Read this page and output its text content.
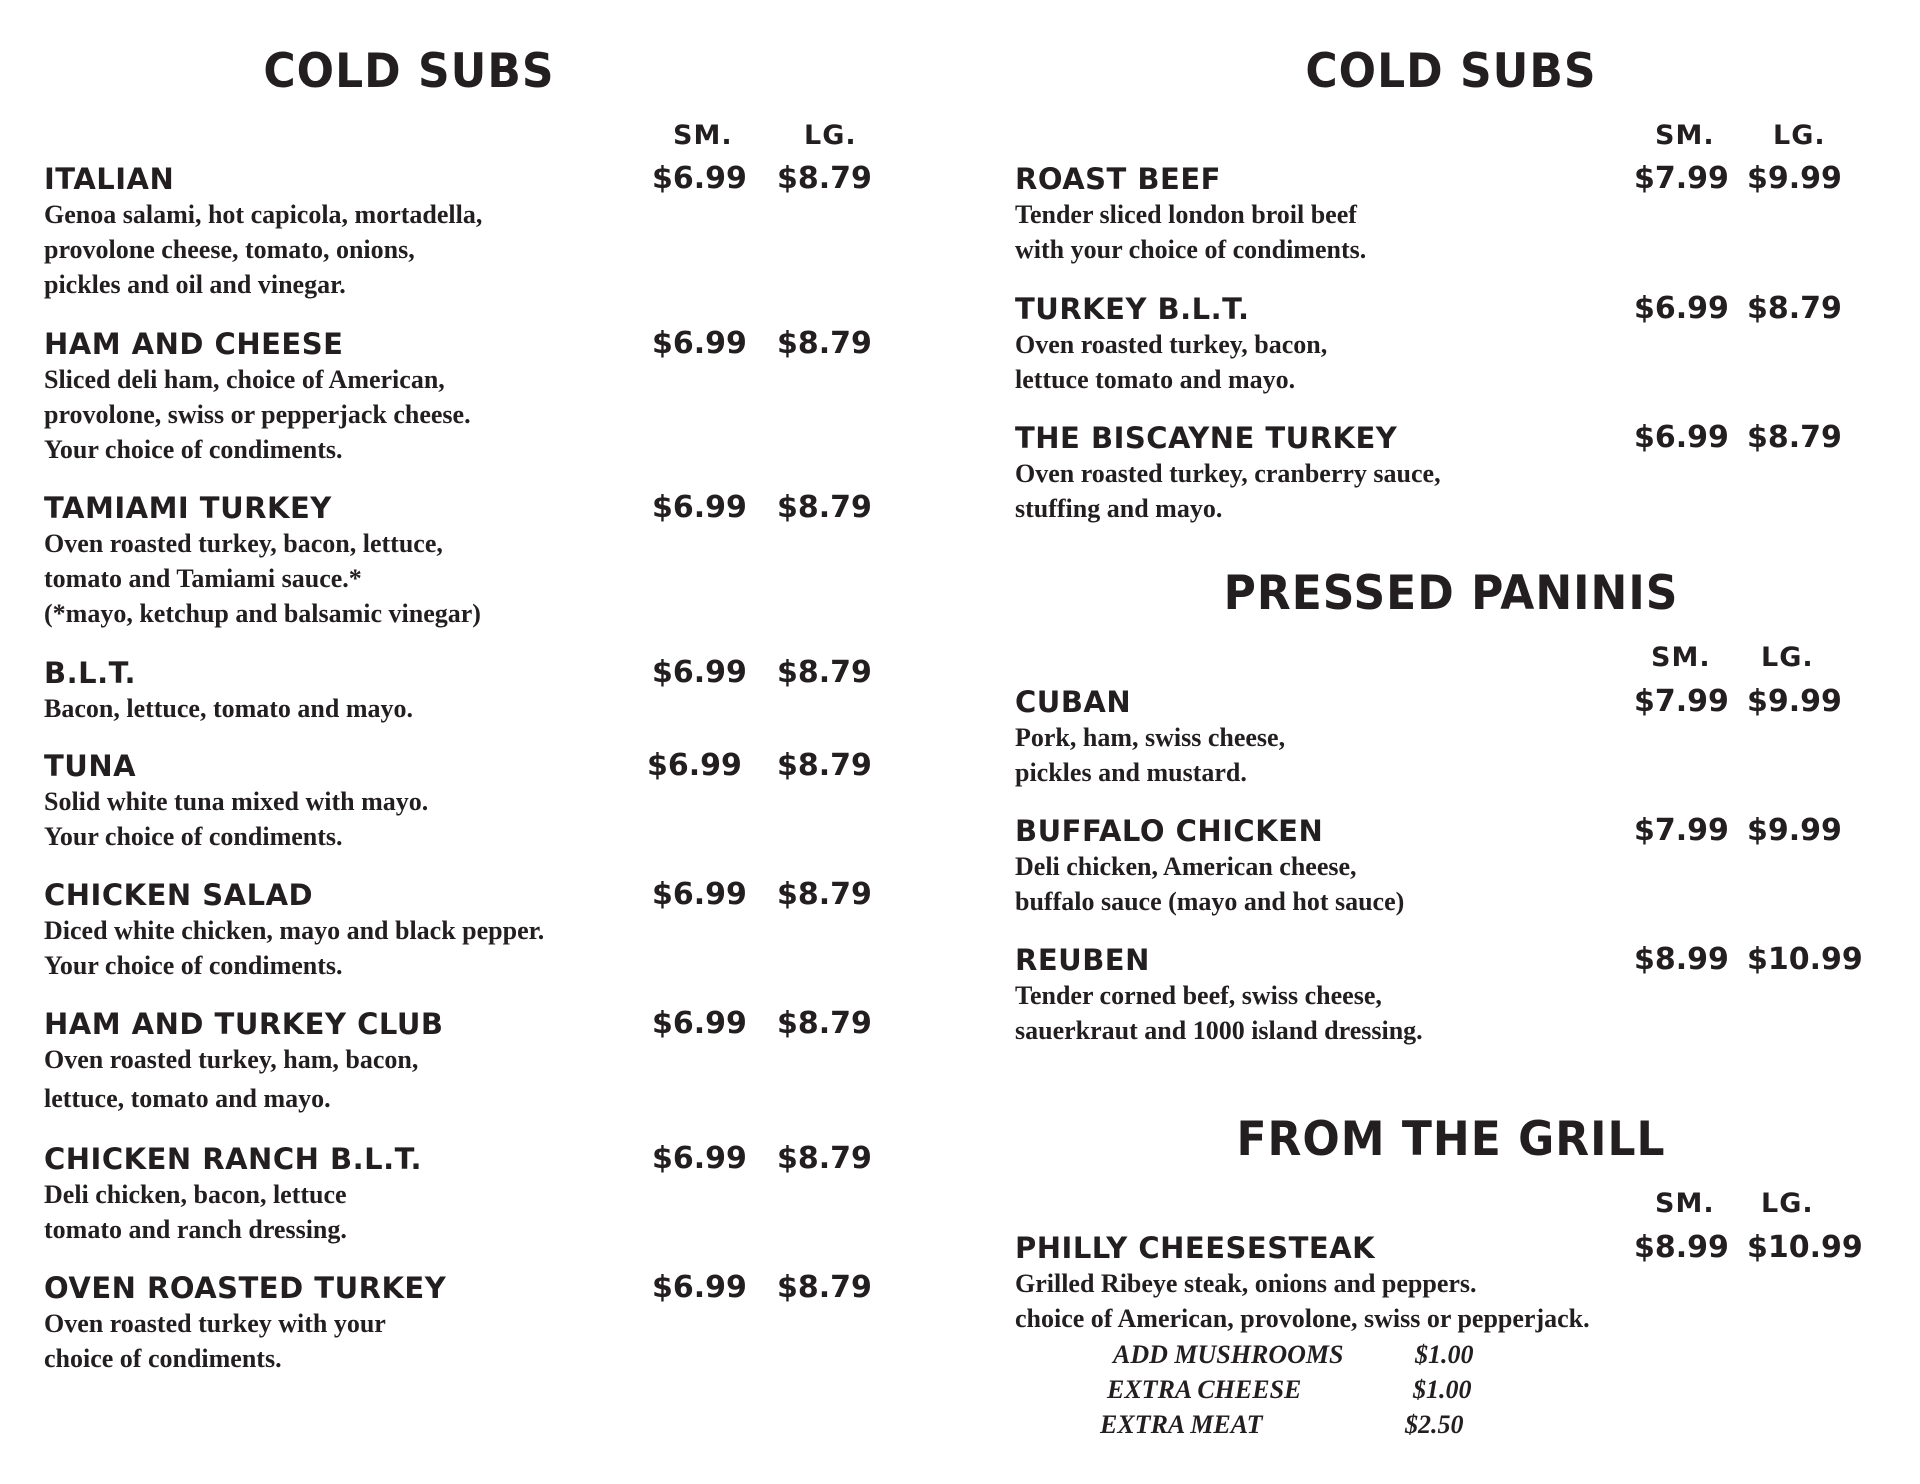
COLD SUBS
SM.	LG.
ITALIAN	$6.99 $8.79
Genoa salami, hot capicola, mortadella,
provolone cheese, tomato, onions,
pickles and oil and vinegar.
HAM AND CHEESE	$6.99 $8.79
Sliced deli ham, choice of American,
provolone, swiss or pepperjack cheese.
Your choice of condiments.
TAMIAMI TURKEY	$6.99 $8.79
Oven roasted turkey, bacon, lettuce,
tomato and Tamiami sauce.*
(*mayo, ketchup and balsamic vinegar)
B.L.T.	$6.99 $8.79
Bacon, lettuce, tomato and mayo.
TUNA	$6.99 $8.79
Solid white tuna mixed with mayo.
Your choice of condiments.
CHICKEN SALAD	$6.99 $8.79
Diced white chicken, mayo and black pepper.
Your choice of condiments.
HAM AND TURKEY CLUB	$6.99 $8.79
Oven roasted turkey, ham, bacon,
lettuce, tomato and mayo.
CHICKEN RANCH B.L.T.	$6.99 $8.79
Deli chicken, bacon, lettuce
tomato and ranch dressing.
OVEN ROASTED TURKEY	$6.99 $8.79
Oven roasted turkey with your
choice of condiments.
COLD SUBS
SM. LG.
ROAST BEEF	$7.99 $9.99
Tender sliced london broil beef
with your choice of condiments.
TURKEY B.L.T.	$6.99 $8.79
Oven roasted turkey, bacon,
lettuce tomato and mayo.
THE BISCAYNE TURKEY	$6.99 $8.79
Oven roasted turkey, cranberry sauce,
stuffing and mayo.
PRESSED PANINIS
SM. LG.
CUBAN	$7.99 $9.99
Pork, ham, swiss cheese,
pickles and mustard.
BUFFALO CHICKEN	$7.99 $9.99
Deli chicken, American cheese,
buffalo sauce (mayo and hot sauce)
REUBEN	$8.99 $10.99
Tender corned beef, swiss cheese,
sauerkraut and 1000 island dressing.
FROM THE GRILL
SM. LG.
PHILLY CHEESESTEAK	$8.99 $10.99
Grilled Ribeye steak, onions and peppers.
choice of American, provolone, swiss or pepperjack.
ADD MUSHROOMS	$1.00
EXTRA CHEESE	$1.00
EXTRA MEAT	$2.50
